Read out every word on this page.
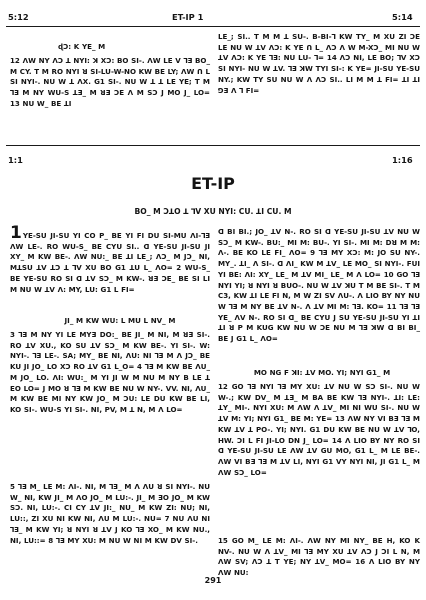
5:12	ET-IP 1	5:14
ɖƆ: K YE_ M
12 ɅW NY ɅƆ ꓕ NYI: ꓘ XƆ: BO SI-. ɅW LE V ꓶƎ BO_ M CY. T M RO NYI ꓤ SI-LU-W-NO KW BE LY; ɅW ꓵ L SI NYI-. NU W ꓕ ɅX. G1 SI-. NU W ꓕ ꓕ LE YE; T M ꓶƎ M NY WU-S ꓕƎ_ M ꓤƎ ƆE Ʌ M SƆ J MO J_ LO= 13 NU W_ BE ꓕI
LE_; SI.. T M M ꓕ SU-. B-BI-ꓶ KW TY_ M XU ZI ƆE LE NU W ꓕV ɅƆ: K YE ꓵ L_ ɅƆ Ʌ W M-XƆ_ MI NU W ꓕV ɅƆ: K YE ꓶƎ: NU LU- ꓶ= 14 ɅƆ NI, LE BO; ꓶV XƆ SI NYI- NU W ꓕV. ꓶƎ ꓘW TYI SI-: K YE= JI-SU YE-SU NY.; KW TY SU NU W Ʌ ɅƆ SI.. LI M M ꓕ FI= ꓕI ꓕI ꓨƎ ꓥ ꓶ FI=
1:1	1:16
ET-IP
BO_ M ƆꓕO ꓕ ꓶV XU NYI: CU. ꓕI CU. M
1YE-SU JI-SU YI CO P_ BE YI FI DU SI-MU ɅI-ꓶƎ ɅW LE-. RO WU-S_ BE CYU SI.. ꓷ YE-SU JI-SU JI XY_ M KW BE-. ɅW NU:_ BE ꓕI LE_; ɅƆ_ M JƆ_ NI, MꓕSU ꓕV ꓕƆ ꓕ ꓶV XU BO G1 ꓕU L_ ɅO= 2 WU-S_ BE YE-SU RO SI ꓷ ꓕV SƆ_ M KW-. ꓤƎ ƆE_ BE SI LI M NU W ꓕV Ʌ: MY, LU: G1 L FI=
JI_ M KW WU: L MU L NV_ M
3 ꓶƎ M NY YI LE MYƎ DO:_ BE JI_ M NI, M ꓤƎ SI-. RO ꓕV XU., KO SU ꓕV SƆ_ M KW BE-. YI SI-. W: NYI-. ꓶƎ LE-. SA; MY_ BE NI, ɅU: NI ꓶƎ M Ʌ JƆ_ BE KU JI JO_ LO XƆ RO ꓕV G1 L_O= 4 ꓶƎ M KW BE ɅU_ M JO_ LO. ɅI: WU:_ M YI JI W M NU M NY B LE ꓕ EO LO= J MO ꓤ ꓶƎ M KW BE NU W NY-. VV. NI, ɅU_ M KW BE MI NY KW JO_ M ƆU: LE DU KW BE LI, KO SI-. WU-S YI SI-. NI, PV, M ꓕ N, M Ʌ LO=
5 ꓶƎ M_ LE M: ɅI-. NI, M ꓶƎ_ M Ʌ ɅU ꓤ SI NYI-. NU W_ NI, KW JI_ M ɅO JO_ M LU:-. JI_ M ƎO JO_ M KW SƆ. NI, LU:-. CI CY ꓕV JI:_ NU_ M KW ZI: NU; NI, LU::, ZI XU NI KW NI, ɅU M LU:-. NU= 7 NU ɅU NI ꓶƎ_ M KW YI; ꓤ NYI ꓤ ꓕV J KO ꓶƎ XO_ M KW NU., NI, LU::= 8 ꓶƎ MY XU: M NU W NI M KW DV SI-.
ꓷ BI BI.; JO_ ꓕV N-. RO SI ꓷ YE-SU JI-SU ꓕV NU W SƆ_ M KW-. BU:_ MI M: BU-. YI SI-. MI M: Dꓤ M M: Ʌ-. BE KO LE FI_ ɅO= 9 ꓶƎ MY XƆ: M: JO SU NY-. MY_. ꓕI_ Ʌ SI-. ꓷ ɅI_ KW M ꓕV_ LE MO_ SI NYI-. FUI YI BE: ɅI: XY_ LE_ M ꓕV MI_ LE_ M Ʌ LO= 10 GO ꓶƎ NYI YI; ꓤ NYI ꓤ BUO-. NU W ꓕV ꓘU T M BE SI-. T M C3, KW ꓕI LE FI N, M W ZI SV ɅU-. Ʌ LIO BY NY NU W ꓶƎ M NY BE ꓕV N-. Ʌ ꓕV MI M: ꓶƎ. KO= 11 ꓶƎ ꓶƎ YE_ ɅV N-. RO SI ꓷ_ BE CYU J SU YE-SU JI-SU YI ꓕI ꓕI ꓤ P M KUG KW NU W ƆE NU M ꓶƎ ꓘW ꓷ BI BI_ BE J G1 L_ ɅO=
MO NG F ꓘI: ꓕV MO. YI; NYI G1_ M
12 GO ꓶƎ NYI ꓶƎ MY XU: ꓕV NU W SƆ SI-. NU W W-.; KW DV_ M ꓕƎ_ M BA BE KW ꓶƎ NYI-. ꓕI: LE: ꓕY_ MI-. NYI XU: M ɅW Ʌ ꓕV_ MI NI WU SI-. NU W ꓕV M: YI; NYI G1_ BE M: YE= 13 ɅW NY VI BƎ ꓶƎ M KW ꓕV ꓕ PO-. YI; NYI. G1 DU KW BE NU W ꓕV ꓶO, HW. ƆI L FI JI-LO DN J_ LO= 14 Ʌ LIO BY NY RO SI ꓷ YE-SU JI-SU LE ɅW ꓕV GU MO, G1 L_ M LE BE-. ɅW VI BƎ ꓶƎ M ꓕV LI, NYI G1 VY NYI NI, JI G1 L_ M ɅW SƆ_ LO=
15 GO M_ LE M: ɅI-. ɅW NY MI NY_ BE H, KO K NV-. NU W Ʌ ꓕV_ MI ꓶƎ MY XU ꓕV ɅƆ J ƆI L N, M ɅW SV; ɅƆ ꓕ T YE; NY ꓕV_ MO= 16 Ʌ LIO BY NY ɅW NU:
291
